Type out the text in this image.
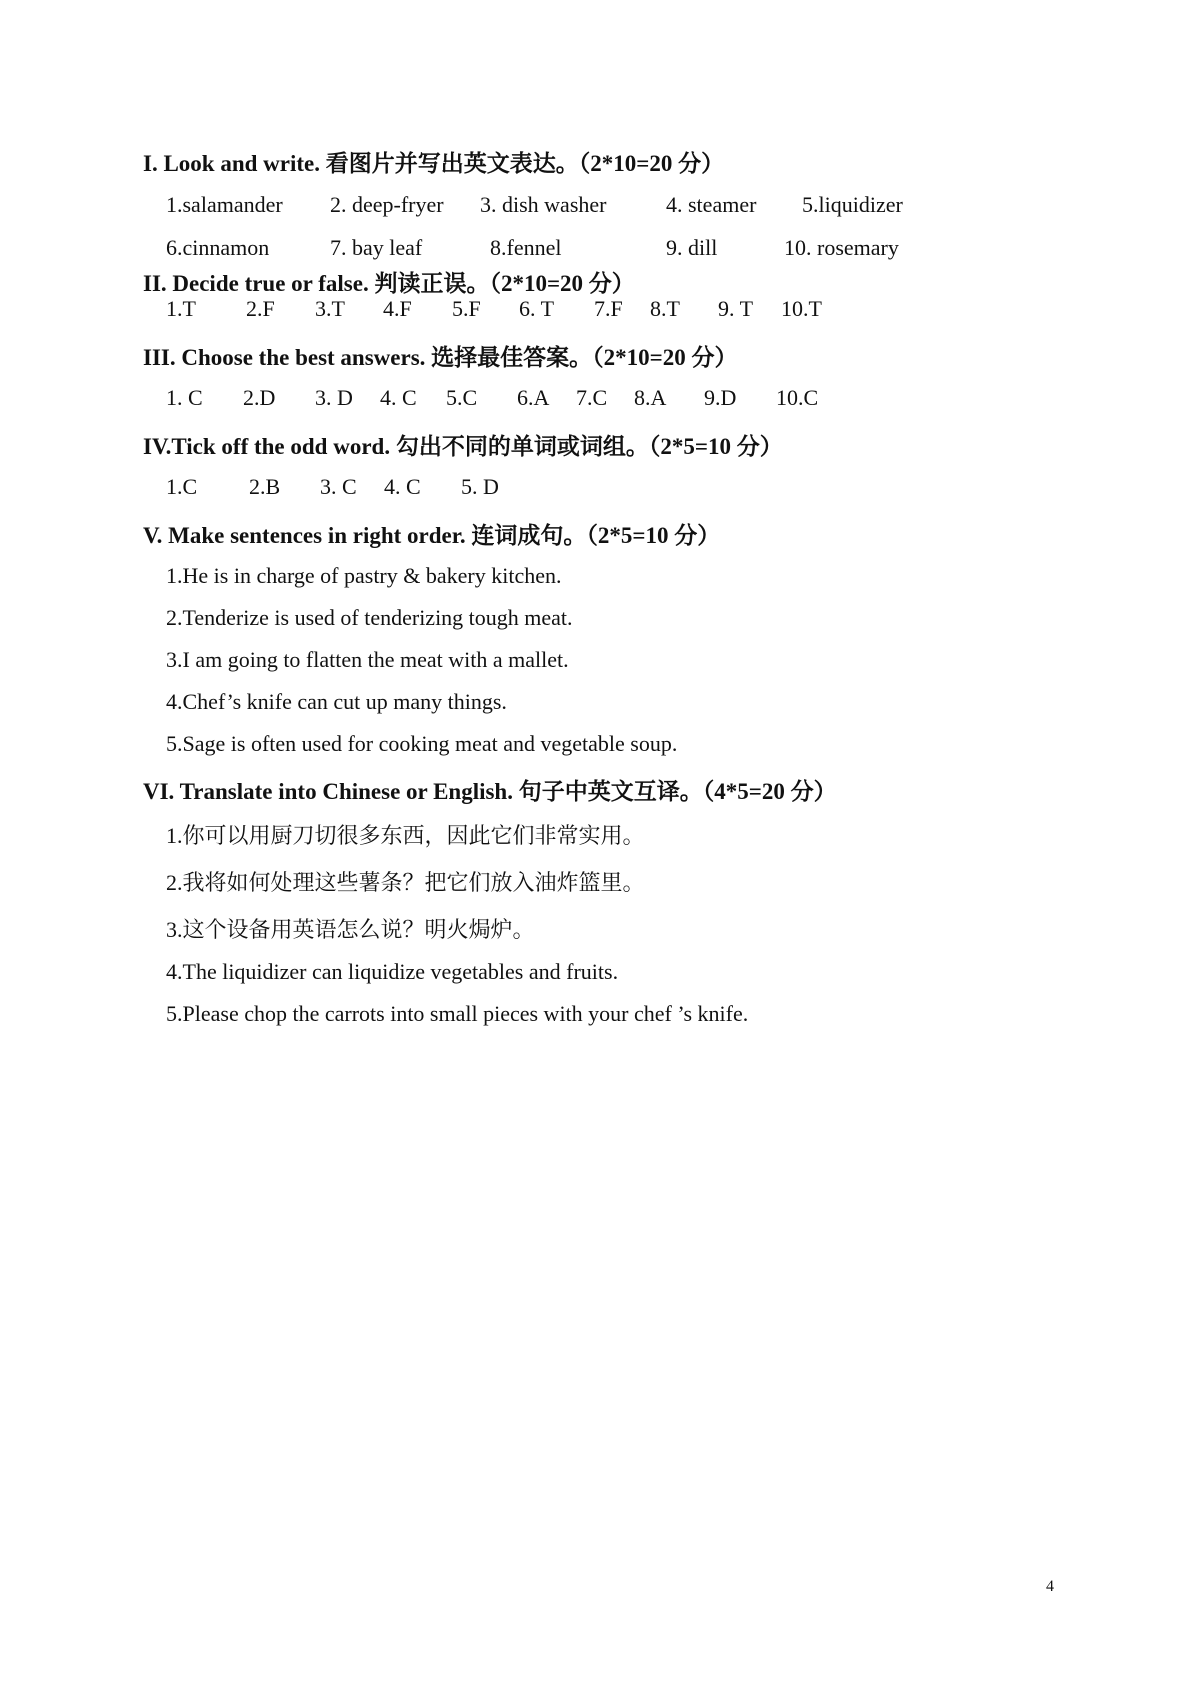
I. Look and write. 看图片并写出英文表达。（2*10=20 分）
1.salamander 2. deep-fryer 3. dish washer	4. steamer 5.liquidizer
6.cinnamon	7. bay leaf	8.fennel	9. dill	10. rosemary
II. Decide true or false. 判读正误。（2*10=20 分）
1.T 2.F 3.T 4.F 5.F 6. T 7.F 8.T 9. T 10.T
III. Choose the best answers. 选择最佳答案。（2*10=20 分）
1. C 2.D 3. D 4. C 5.C 6.A 7.C 8.A 9.D 10.C
IV.Tick off the odd word. 勾出不同的单词或词组。（2*5=10 分）
1.C 2.B 3. C 4. C 5. D
V. Make sentences in right order. 连词成句。（2*5=10 分）
1.He is in charge of pastry & bakery kitchen.
2.Tenderize is used of tenderizing tough meat.
3.I am going to flatten the meat with a mallet.
4.Chef’s knife can cut up many things.
5.Sage is often used for cooking meat and vegetable soup.
VI. Translate into Chinese or English. 句子中英文互译。（4*5=20 分）
1.你可以用厨刀切很多东西，因此它们非常实用。
2.我将如何处理这些薯条？把它们放入油炸篮里。
3.这个设备用英语怎么说？明火焗炉。
4.The liquidizer can liquidize vegetables and fruits.
5.Please chop the carrots into small pieces with your chef ’s knife.
4
